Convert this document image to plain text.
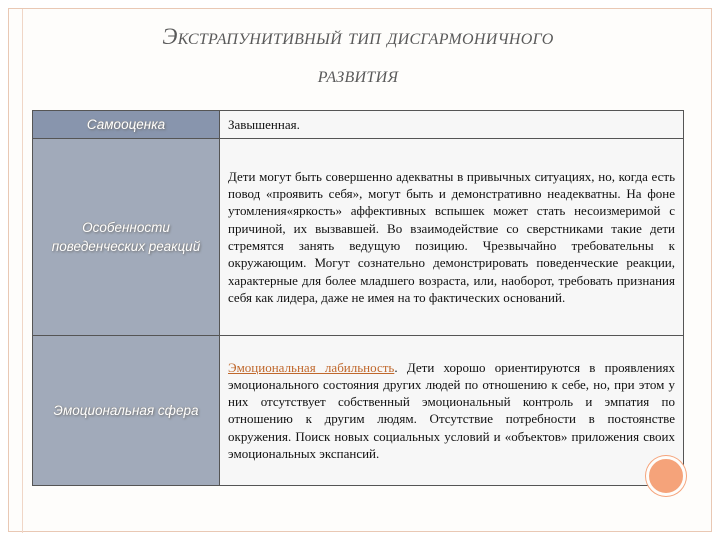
Экстрапунитивный тип дисгармоничного
развития
Самооценка	Завышенная.
Особенности поведенческих реакций	Дети могут быть совершенно адекватны в привычных ситуациях, но, когда есть повод «проявить себя», могут быть и демонстративно неадекватны. На фоне утомления«яркость» аффективных вспышек может стать несоизмеримой с причиной, их вызвавшей. Во взаимодействие со сверстниками такие дети стремятся занять ведущую позицию. Чрезвычайно требовательны к окружающим. Могут сознательно демонстрировать поведенческие реакции, характерные для более младшего возраста, или, наоборот, требовать признания себя как лидера, даже не имея на то фактических оснований.
Эмоциональная сфера	Эмоциональная лабильность. Дети хорошо ориентируются в проявлениях эмоционального состояния других людей по отношению к себе, но, при этом у них отсутствует собственный эмоциональный контроль и эмпатия по отношению к другим людям. Отсутствие потребности в постоянстве окружения. Поиск новых социальных условий и «объектов» приложения своих эмоциональных экспансий.
